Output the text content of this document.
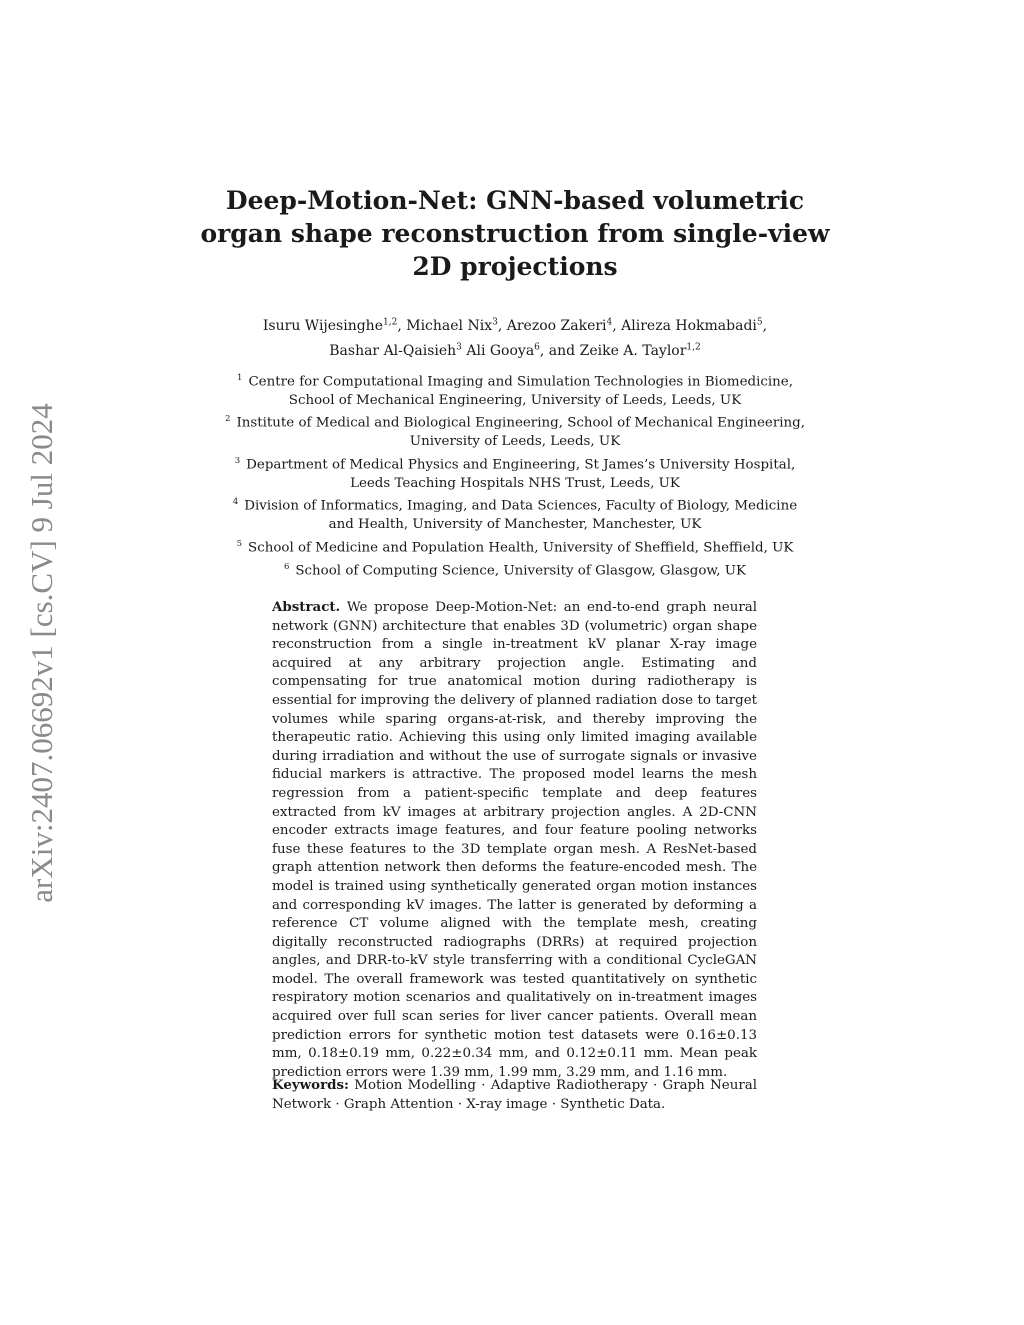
arXiv:2407.06692v1 [cs.CV] 9 Jul 2024
Deep-Motion-Net: GNN-based volumetric organ shape reconstruction from single-view 2D projections
Isuru Wijesinghe$^{1,2}$, Michael Nix$^3$, Arezoo Zakeri$^4$, Alireza Hokmabadi$^5$,
Bashar Al-Qaisieh$^3$ Ali Gooya$^6$, and Zeike A. Taylor$^{1,2}$
$^1$ Centre for Computational Imaging and Simulation Technologies in Biomedicine,
School of Mechanical Engineering, University of Leeds, Leeds, UK
$^2$ Institute of Medical and Biological Engineering, School of Mechanical Engineering,
University of Leeds, Leeds, UK
$^3$ Department of Medical Physics and Engineering, St James’s University Hospital,
Leeds Teaching Hospitals NHS Trust, Leeds, UK
$^4$ Division of Informatics, Imaging, and Data Sciences, Faculty of Biology, Medicine
and Health, University of Manchester, Manchester, UK
$^5$ School of Medicine and Population Health, University of Sheffield, Sheffield, UK
$^6$ School of Computing Science, University of Glasgow, Glasgow, UK

Abstract. We propose Deep-Motion-Net: an end-to-end graph neural network (GNN) architecture that enables 3D (volumetric) organ shape reconstruction from a single in-treatment kV planar X-ray image acquired at any arbitrary projection angle. Estimating and compensating for true anatomical motion during radiotherapy is essential for improving the delivery of planned radiation dose to target volumes while sparing organs-at-risk, and thereby improving the therapeutic ratio. Achieving this using only limited imaging available during irradiation and without the use of surrogate signals or invasive fiducial markers is attractive. The proposed model learns the mesh regression from a patient-specific template and deep features extracted from kV images at arbitrary projection angles. A 2D-CNN encoder extracts image features, and four feature pooling networks fuse these features to the 3D template organ mesh. A ResNet-based graph attention network then deforms the feature-encoded mesh. The model is trained using synthetically generated organ motion instances and corresponding kV images. The latter is generated by deforming a reference CT volume aligned with the template mesh, creating digitally reconstructed radiographs (DRRs) at required projection angles, and DRR-to-kV style transferring with a conditional CycleGAN model. The overall framework was tested quantitatively on synthetic respiratory motion scenarios and qualitatively on in-treatment images acquired over full scan series for liver cancer patients. Overall mean prediction errors for synthetic motion test datasets were 0.16±0.13 mm, 0.18±0.19 mm, 0.22±0.34 mm, and 0.12±0.11 mm. Mean peak prediction errors were 1.39 mm, 1.99 mm, 3.29 mm, and 1.16 mm.

Keywords: Motion Modelling · Adaptive Radiotherapy · Graph Neural Network · Graph Attention · X-ray image · Synthetic Data.
